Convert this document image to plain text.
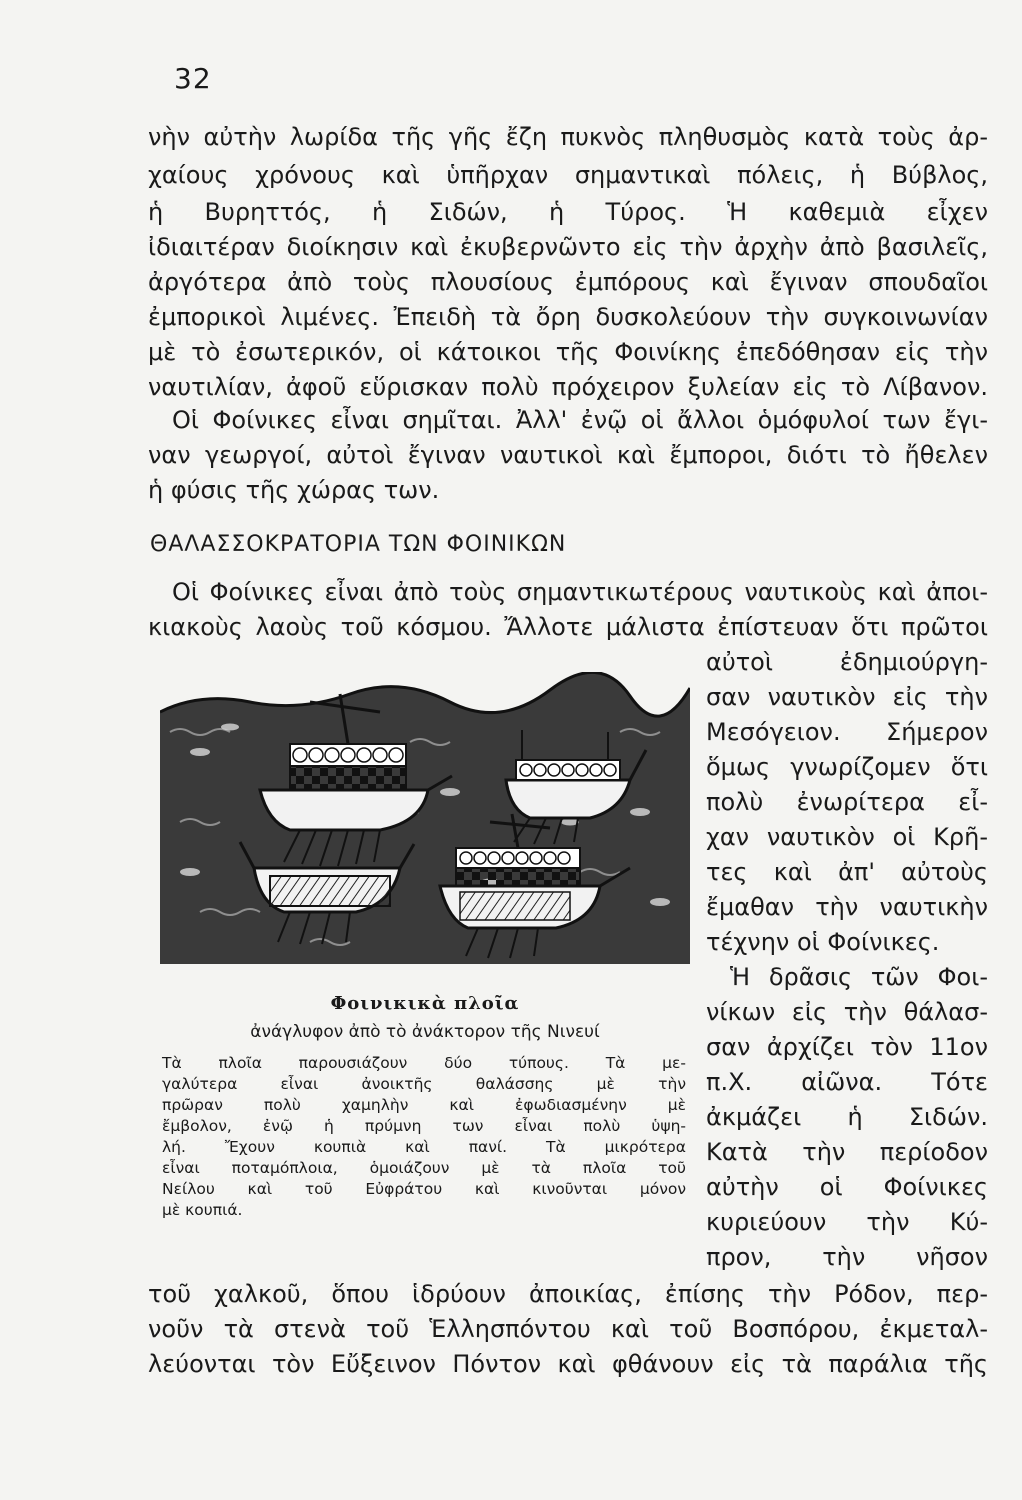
32
νὴν αὐτὴν λωρίδα τῆς γῆς ἔζη πυκνὸς πληθυσμὸς κατὰ τοὺς ἀρ-
χαίους χρόνους καὶ ὑπῆρχαν σημαντικαὶ πόλεις, ἡ Βύβλος,
ἡ Βυρηττός, ἡ Σιδών, ἡ Τύρος. Ἡ καθεμιὰ εἶχεν
ἰδιαιτέραν διοίκησιν καὶ ἐκυβερνῶντο εἰς τὴν ἀρχὴν ἀπὸ βασιλεῖς,
ἀργότερα ἀπὸ τοὺς πλουσίους ἐμπόρους καὶ ἔγιναν σπουδαῖοι
ἐμπορικοὶ λιμένες. Ἐπειδὴ τὰ ὄρη δυσκολεύουν τὴν συγκοινωνίαν
μὲ τὸ ἐσωτερικόν, οἱ κάτοικοι τῆς Φοινίκης ἐπεδόθησαν εἰς τὴν
ναυτιλίαν, ἀφοῦ εὕρισκαν πολὺ πρόχειρον ξυλείαν εἰς τὸ Λίβανον.
Οἱ Φοίνικες εἶναι σημῖται. Ἀλλ' ἐνῷ οἱ ἄλλοι ὁμόφυλοί των ἔγι-
ναν γεωργοί, αὐτοὶ ἔγιναν ναυτικοὶ καὶ ἔμποροι, διότι τὸ ἤθελεν
ἡ φύσις τῆς χώρας των.
ΘΑΛΑΣΣΟΚΡΑΤΟΡΙΑ ΤΩΝ ΦΟΙΝΙΚΩΝ
Οἱ Φοίνικες εἶναι ἀπὸ τοὺς σημαντικωτέρους ναυτικοὺς καὶ ἀποι-
κιακοὺς λαοὺς τοῦ κόσμου. Ἄλλοτε μάλιστα ἐπίστευαν ὅτι πρῶτοι
αὐτοὶ ἐδημιούργη-
σαν ναυτικὸν εἰς τὴν
Μεσόγειον. Σήμερον
ὅμως γνωρίζομεν ὅτι
πολὺ ἐνωρίτερα εἶ-
χαν ναυτικὸν οἱ Κρῆ-
τες καὶ ἀπ' αὐτοὺς
ἔμαθαν τὴν ναυτικὴν
τέχνην οἱ Φοίνικες.
Ἡ δρᾶσις τῶν Φοι-
νίκων εἰς τὴν θάλασ-
σαν ἀρχίζει τὸν 11ον
π.Χ. αἰῶνα. Τότε
ἀκμάζει ἡ Σιδών.
Κατὰ τὴν περίοδον
αὐτὴν οἱ Φοίνικες
κυριεύουν τὴν Κύ-
προν, τὴν νῆσον
τοῦ χαλκοῦ, ὅπου ἱδρύουν ἀποικίας, ἐπίσης τὴν Ρόδον, περ-
νοῦν τὰ στενὰ τοῦ Ἑλλησπόντου καὶ τοῦ Βοσπόρου, ἐκμεταλ-
λεύονται τὸν Εὔξεινον Πόντον καὶ φθάνουν εἰς τὰ παράλια τῆς
Φοινικικὰ πλοῖα
ἀνάγλυφον ἀπὸ τὸ ἀνάκτορον τῆς Νινευί
Τὰ πλοῖα παρουσιάζουν δύο τύπους. Τὰ με-
γαλύτερα εἶναι ἀνοικτῆς θαλάσσης μὲ τὴν
πρῶραν πολὺ χαμηλὴν καὶ ἐφωδιασμένην μὲ
ἔμβολον, ἐνῷ ἡ πρύμνη των εἶναι πολὺ ὑψη-
λή. Ἔχουν κουπιὰ καὶ πανί. Τὰ μικρότερα
εἶναι ποταμόπλοια, ὁμοιάζουν μὲ τὰ πλοῖα τοῦ
Νείλου καὶ τοῦ Εὐφράτου καὶ κινοῦνται μόνον
μὲ κουπιά.
